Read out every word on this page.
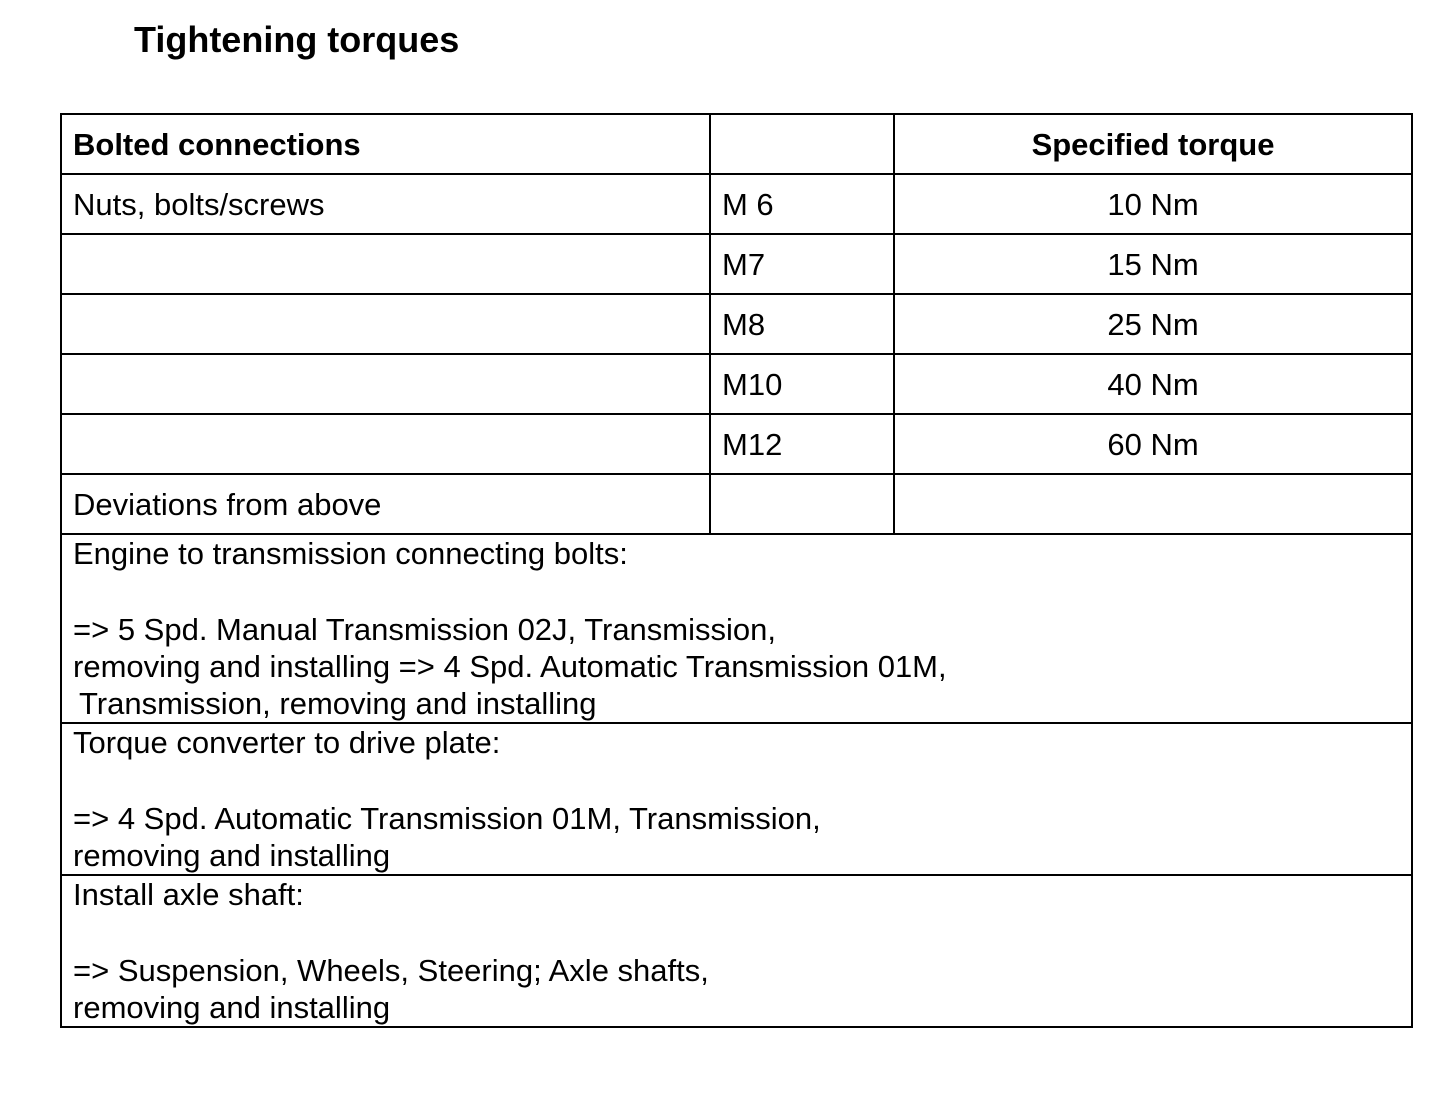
Tightening torques
Bolted connections		Specified torque
Nuts, bolts/screws	M 6	10 Nm
	M7	15 Nm
	M8	25 Nm
	M10	40 Nm
	M12	60 Nm
Deviations from above		

Engine to transmission connecting bolts:

=> 5 Spd. Manual Transmission 02J, Transmission,

removing and installing => 4 Spd. Automatic Transmission 01M,

Transmission, removing and installing		

Torque converter to drive plate:

=> 4 Spd. Automatic Transmission 01M, Transmission,

removing and installing		

Install axle shaft:

=> Suspension, Wheels, Steering; Axle shafts,

removing and installing		
